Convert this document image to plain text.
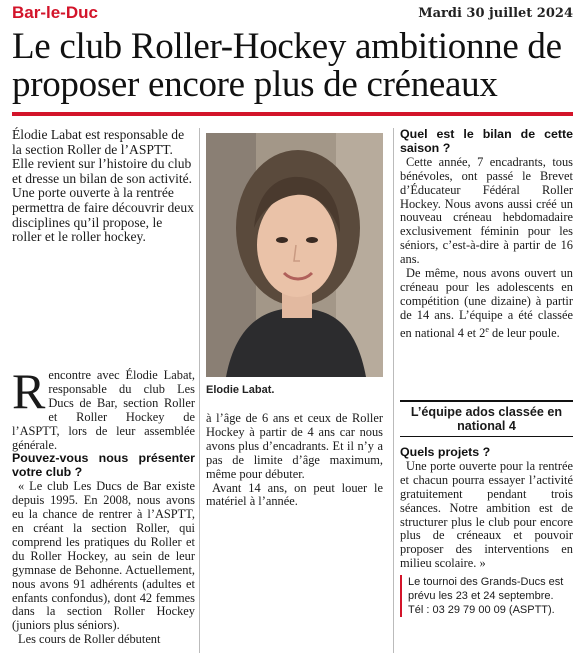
Bar-le-Duc	Mardi 30 juillet 2024
Le club Roller-Hockey ambitionne de proposer encore plus de créneaux

Élodie Labat est responsable de la section Roller de l’ASPTT. Elle revient sur l’histoire du club et dresse un bilan de son activité. Une porte ouverte à la rentrée permettra de faire découvrir deux disciplines qu’il propose, le roller et le roller hockey.

Rencontre avec Élodie Labat, responsable du club Les Ducs de Bar, section Roller et Roller Hockey de l’ASPTT, lors de leur assemblée générale.

Pouvez-vous nous présenter votre club ?

« Le club Les Ducs de Bar existe depuis 1995. En 2008, nous avons eu la chance de rentrer à l’ASPTT, en créant la section Roller, qui comprend les pratiques du Roller et du Roller Hockey, au sein de leur gymnase de Behonne. Actuellement, nous avons 91 adhérents (adultes et enfants confondus), dont 42 femmes dans la section Roller Hockey (juniors plus séniors).

Les cours de Roller débutent

Elodie Labat.

à l’âge de 6 ans et ceux de Roller Hockey à partir de 4 ans car nous avons plus d’encadrants. Et il n’y a pas de limite d’âge maximum, même pour débuter.

Avant 14 ans, on peut louer le matériel à l’année.

Quel est le bilan de cette saison ?

Cette année, 7 encadrants, tous bénévoles, ont passé le Brevet d’Éducateur Fédéral Roller Hockey. Nous avons aussi créé un nouveau créneau hebdomadaire exclusivement féminin pour les séniors, c’est-à-dire à partir de 16 ans.

De même, nous avons ouvert un créneau pour les adolescents en compétition (une dizaine) à partir de 14 ans. L’équipe a été classée en national 4 et 2e de leur poule.

L’équipe ados classée en national 4

Quels projets ?

Une porte ouverte pour la rentrée et chacun pourra essayer l’activité gratuitement pendant trois séances. Notre ambition est de structurer plus le club pour encore plus de créneaux et pouvoir proposer des interventions en milieu scolaire. »

Le tournoi des Grands-Ducs est prévu les 23 et 24 septembre.

Tél : 03 29 79 00 09 (ASPTT).
